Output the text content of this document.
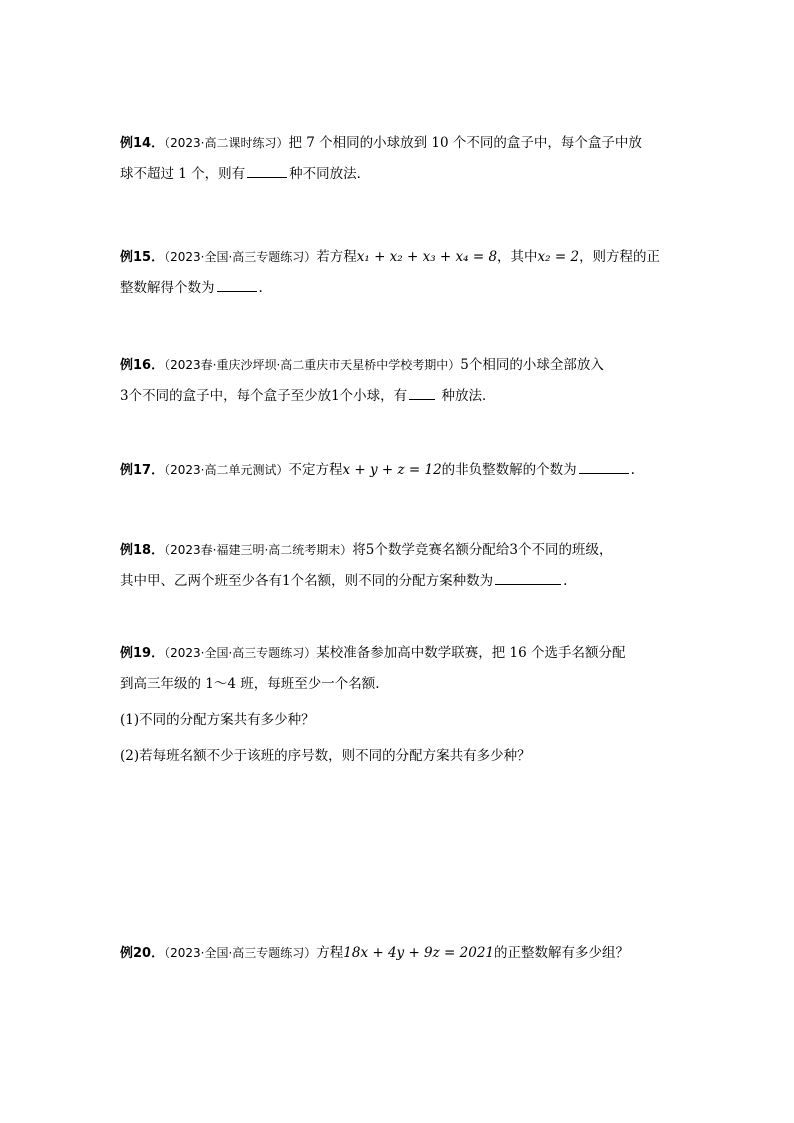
例14．（2023·高二课时练习）把 7 个相同的小球放到 10 个不同的盒子中，每个盒子中放
球不超过 1 个，则有	种不同放法．
例15．（2023·全国·高三专题练习）若方程x₁ + x₂ + x₃ + x₄ = 8，其中x₂ = 2，则方程的正
整数解得个数为	.
例16．（2023春·重庆沙坪坝·高二重庆市天星桥中学校考期中）5个相同的小球全部放入
3个不同的盒子中，每个盒子至少放1个小球，有	种放法．
例17．（2023·高二单元测试）不定方程x + y + z = 12的非负整数解的个数为	.
例18．（2023春·福建三明·高二统考期末）将5个数学竞赛名额分配给3个不同的班级，
其中甲、乙两个班至少各有1个名额，则不同的分配方案种数为	.
例19．（2023·全国·高三专题练习）某校准备参加高中数学联赛，把 16 个选手名额分配
到高三年级的 1～4 班，每班至少一个名额.
(1)不同的分配方案共有多少种？
(2)若每班名额不少于该班的序号数，则不同的分配方案共有多少种？
例20．（2023·全国·高三专题练习）方程18x + 4y + 9z = 2021的正整数解有多少组？
